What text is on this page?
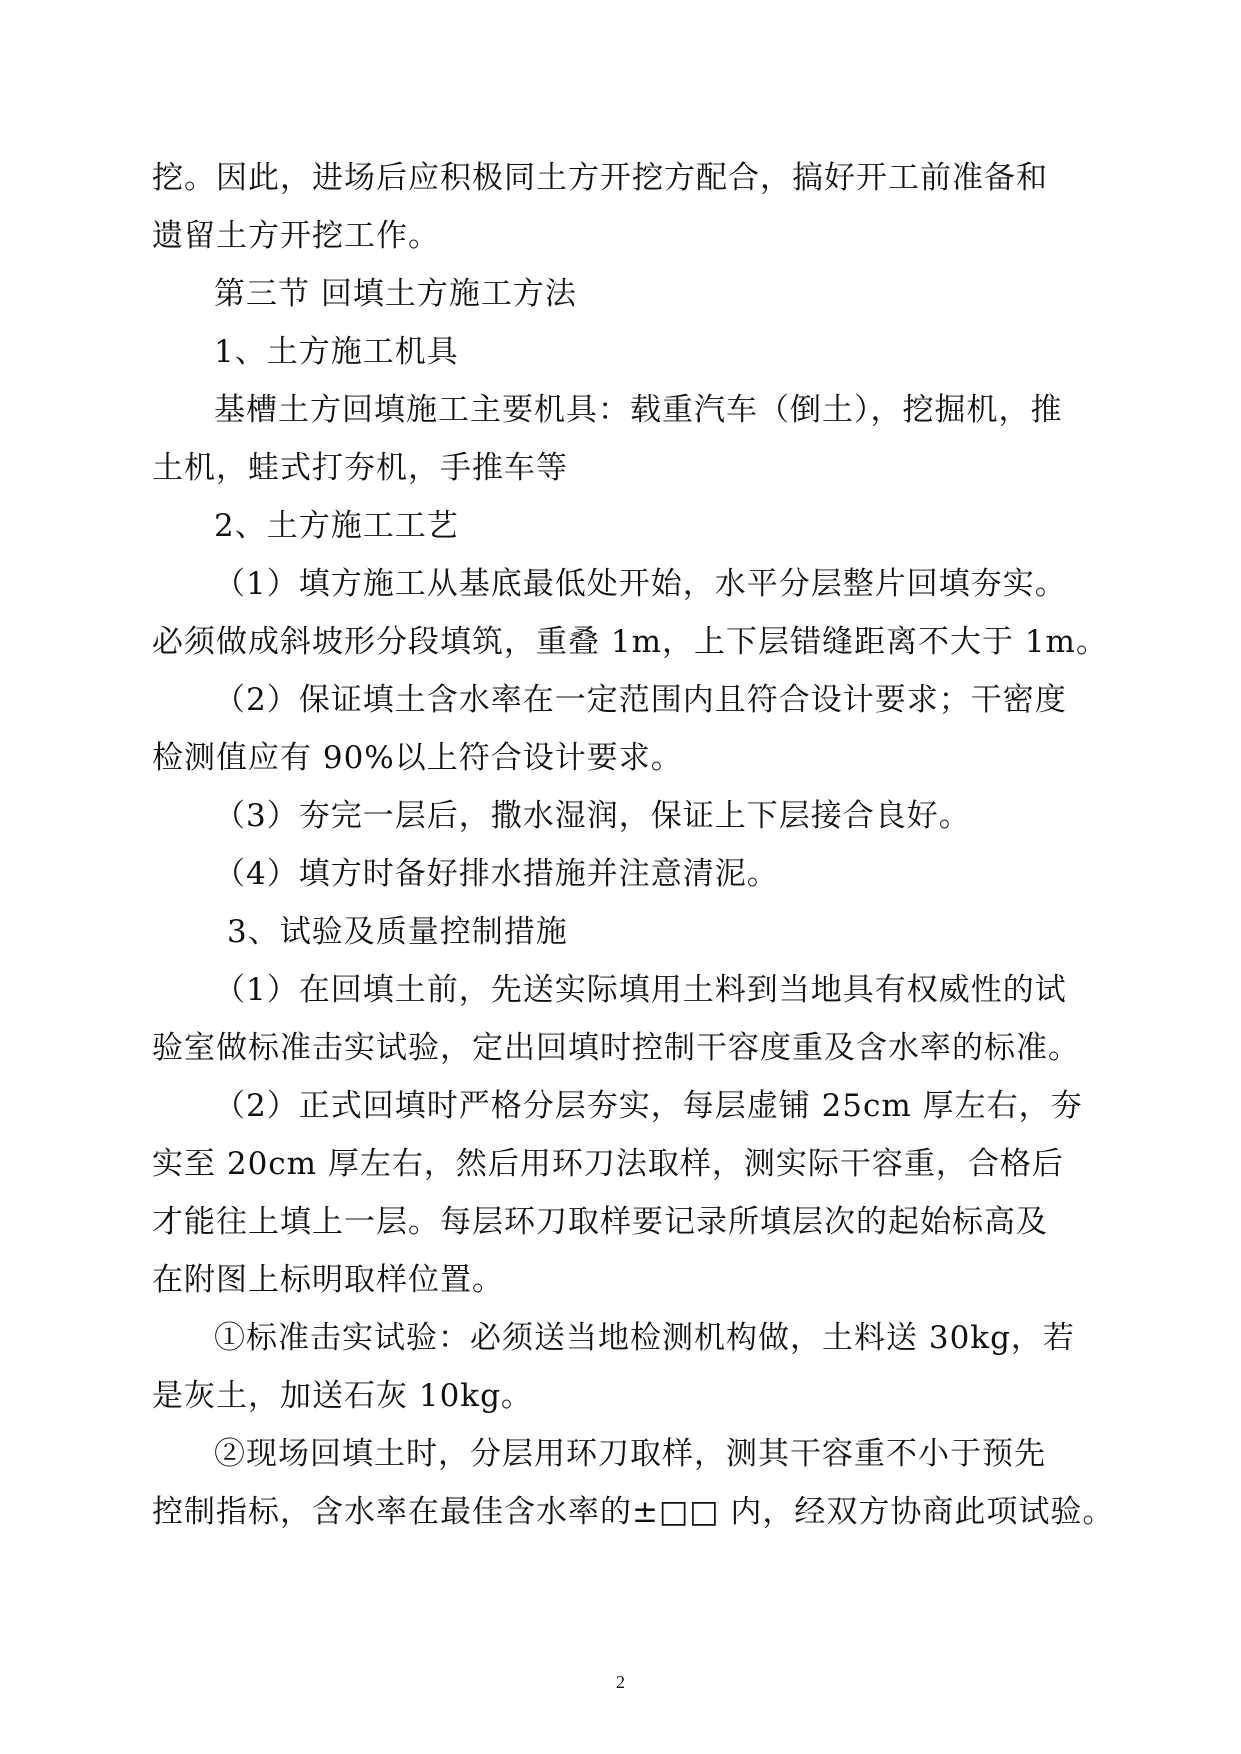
挖。因此，进场后应积极同土方开挖方配合，搞好开工前准备和
遗留土方开挖工作。
第三节 回填土方施工方法
1、土方施工机具
基槽土方回填施工主要机具：载重汽车（倒土），挖掘机，推
土机，蛙式打夯机，手推车等
2、土方施工工艺
（1）填方施工从基底最低处开始，水平分层整片回填夯实。
必须做成斜坡形分段填筑，重叠 1m，上下层错缝距离不大于 1m。
（2）保证填土含水率在一定范围内且符合设计要求；干密度
检测值应有 90%以上符合设计要求。
（3）夯完一层后，撒水湿润，保证上下层接合良好。
（4）填方时备好排水措施并注意清泥。
3、试验及质量控制措施
（1）在回填土前，先送实际填用土料到当地具有权威性的试
验室做标准击实试验，定出回填时控制干容度重及含水率的标准。
（2）正式回填时严格分层夯实，每层虚铺 25cm 厚左右，夯
实至 20cm 厚左右，然后用环刀法取样，测实际干容重，合格后
才能往上填上一层。每层环刀取样要记录所填层次的起始标高及
在附图上标明取样位置。
①标准击实试验：必须送当地检测机构做，土料送 30kg，若
是灰土，加送石灰 10kg。
②现场回填土时，分层用环刀取样，测其干容重不小于预先
控制指标，含水率在最佳含水率的±□□ 内，经双方协商此项试验。
2
